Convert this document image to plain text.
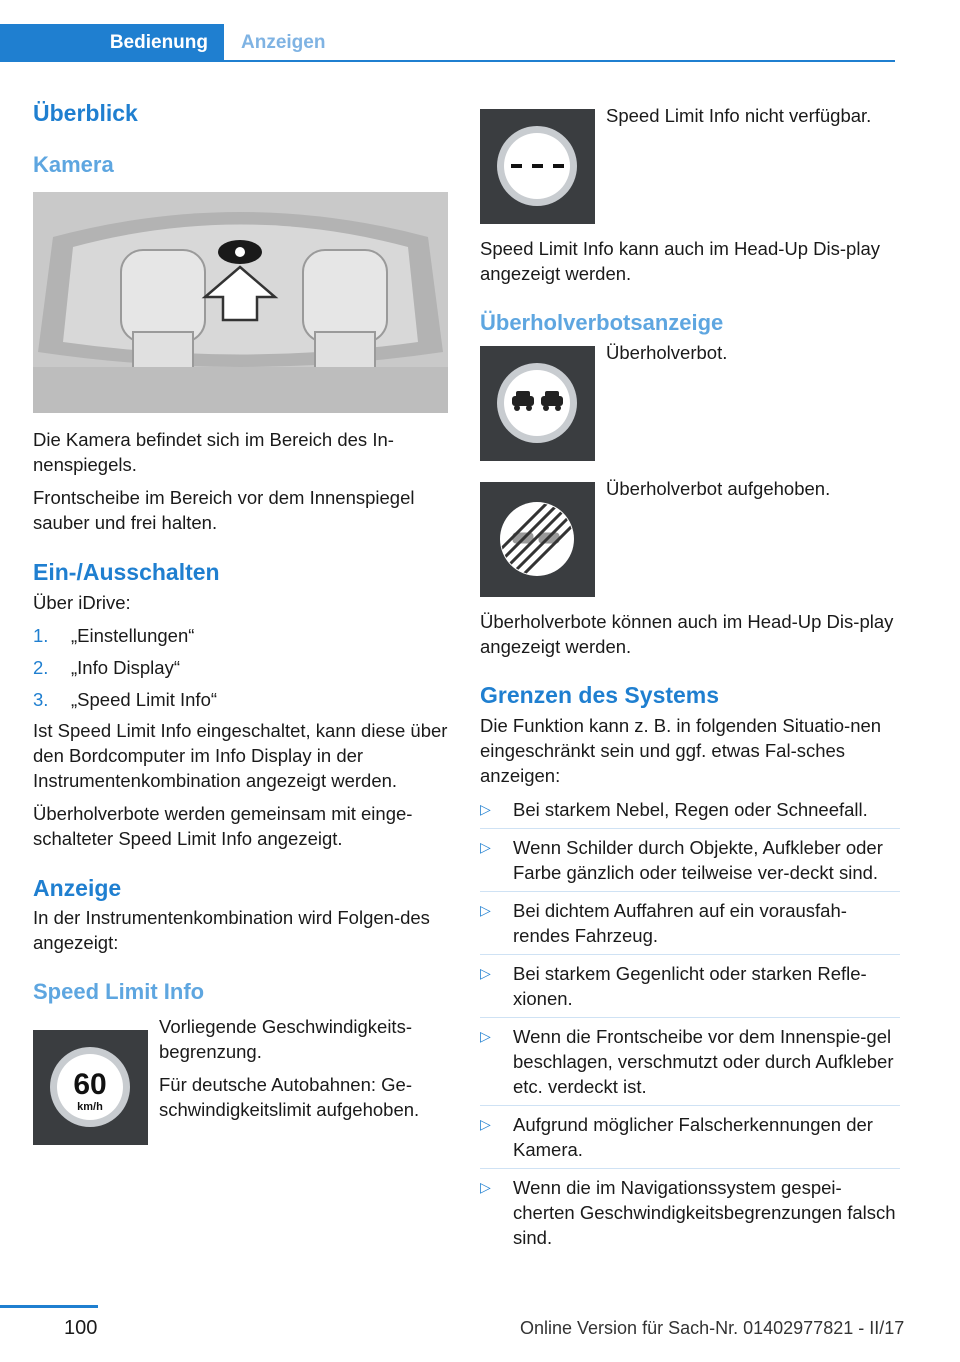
Bedienung	Anzeigen
Überblick
Kamera

Die Kamera befindet sich im Bereich des In-nenspiegels.

Frontscheibe im Bereich vor dem Innenspiegel sauber und frei halten.

Ein-/Ausschalten

Über iDrive:

1.	„Einstellungen“
2.	„Info Display“
3.	„Speed Limit Info“

Ist Speed Limit Info eingeschaltet, kann diese über den Bordcomputer im Info Display in der Instrumentenkombination angezeigt werden.

Überholverbote werden gemeinsam mit einge-schalteter Speed Limit Info angezeigt.

Anzeige

In der Instrumentenkombination wird Folgen-des angezeigt:

Speed Limit Info
60
km/h

Vorliegende Geschwindigkeits-begrenzung.

Für deutsche Autobahnen: Ge-schwindigkeitslimit aufgehoben.

Speed Limit Info nicht verfügbar.

Speed Limit Info kann auch im Head-Up Dis-play angezeigt werden.

Überholverbotsanzeige

Überholverbot.

Überholverbot aufgehoben.

Überholverbote können auch im Head-Up Dis-play angezeigt werden.

Grenzen des Systems

Die Funktion kann z. B. in folgenden Situatio-nen eingeschränkt sein und ggf. etwas Fal-sches anzeigen:

▷	Bei starkem Nebel, Regen oder Schneefall.
▷	Wenn Schilder durch Objekte, Aufkleber oder Farbe gänzlich oder teilweise ver-deckt sind.
▷	Bei dichtem Auffahren auf ein vorausfah-rendes Fahrzeug.
▷	Bei starkem Gegenlicht oder starken Refle-xionen.
▷	Wenn die Frontscheibe vor dem Innenspie-gel beschlagen, verschmutzt oder durch Aufkleber etc. verdeckt ist.
▷	Aufgrund möglicher Falscherkennungen der Kamera.
▷	Wenn die im Navigationssystem gespei-cherten Geschwindigkeitsbegrenzungen falsch sind.
100	Online Version für Sach-Nr. 01402977821 - II/17
